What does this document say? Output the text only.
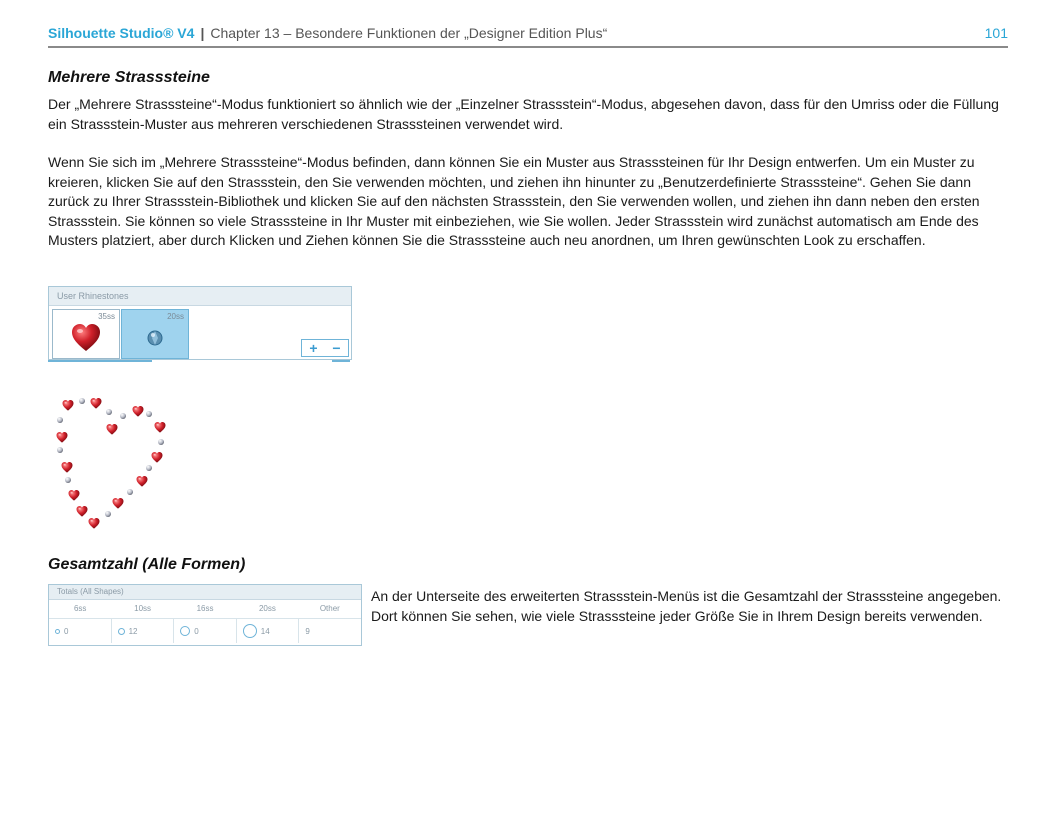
Silhouette Studio® V4 | Chapter 13 – Besondere Funktionen der „Designer Edition Plus“	101
Mehrere Strasssteine

Der „Mehrere Strasssteine“-Modus funktioniert so ähnlich wie der „Einzelner Strassstein“-Modus, abgesehen davon, dass für den Umriss oder die Füllung ein Strassstein-Muster aus mehreren verschiedenen Strasssteinen verwendet wird.

Wenn Sie sich im „Mehrere Strasssteine“-Modus befinden, dann können Sie ein Muster aus Strasssteinen für Ihr Design entwerfen. Um ein Muster zu kreieren, klicken Sie auf den Strassstein, den Sie verwenden möchten, und ziehen ihn hinunter zu „Benutzerdefinierte Strasssteine“. Gehen Sie dann zurück zu Ihrer Strassstein-Bibliothek und klicken Sie auf den nächsten Strassstein, den Sie verwenden wollen, und ziehen ihn dann neben den ersten Strassstein. Sie können so viele Strasssteine in Ihr Muster mit einbeziehen, wie Sie wollen. Jeder Strassstein wird zunächst automatisch am Ende des Musters platziert, aber durch Klicken und Ziehen können Sie die Strasssteine auch neu anordnen, um Ihren gewünschten Look zu erschaffen.

User Rhinestones
35ss	20ss
+ −
Gesamtzahl (Alle Formen)
Totals (All Shapes)
6ss	10ss	16ss	20ss	Other
0	12	0	14	9

An der Unterseite des erweiterten Strassstein-Menüs ist die Gesamtzahl der Strasssteine angegeben. Dort können Sie sehen, wie viele Strasssteine jeder Größe Sie in Ihrem Design bereits verwenden.
